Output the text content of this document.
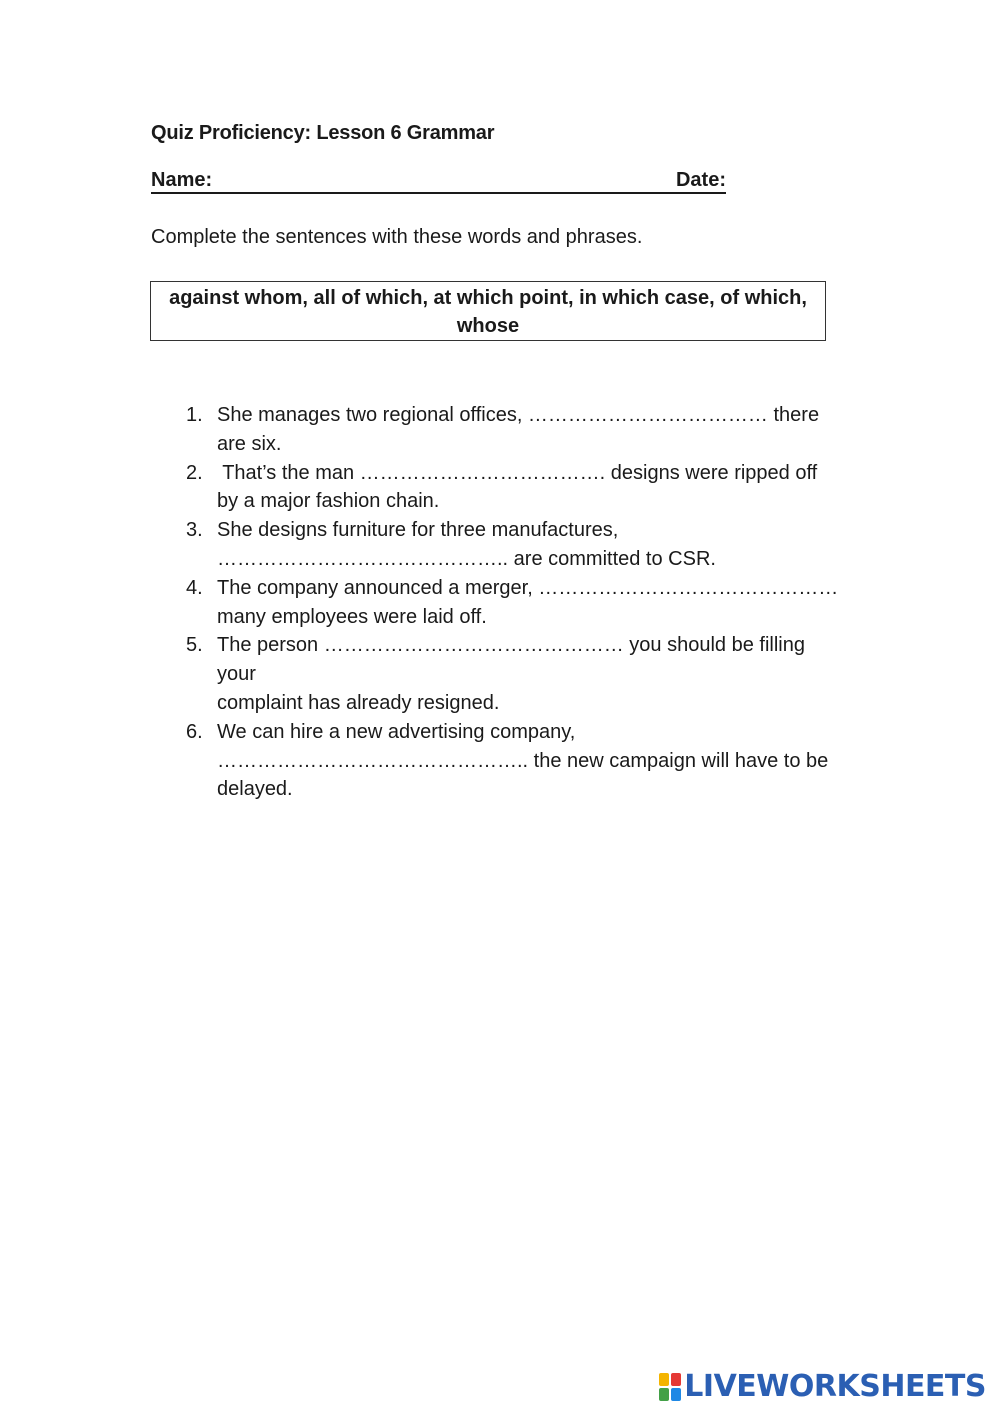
Quiz Proficiency: Lesson 6 Grammar
Name:	Date:
Complete the sentences with these words and phrases.
against whom, all of which, at which point, in which case, of which, whose
1. She manages two regional offices, ……………………………… there
are six.
2. That’s the man ………………………………. designs were ripped off
by a major fashion chain.
3. She designs furniture for three manufactures,
…………………………………….. are committed to CSR.
4. The company announced a merger, ………………………………………
many employees were laid off.
5. The person ……………………………………… you should be filling your
complaint has already resigned.
6. We can hire a new advertising company,
……………………………………….. the new campaign will have to be
delayed.
LIVEWORKSHEETS
